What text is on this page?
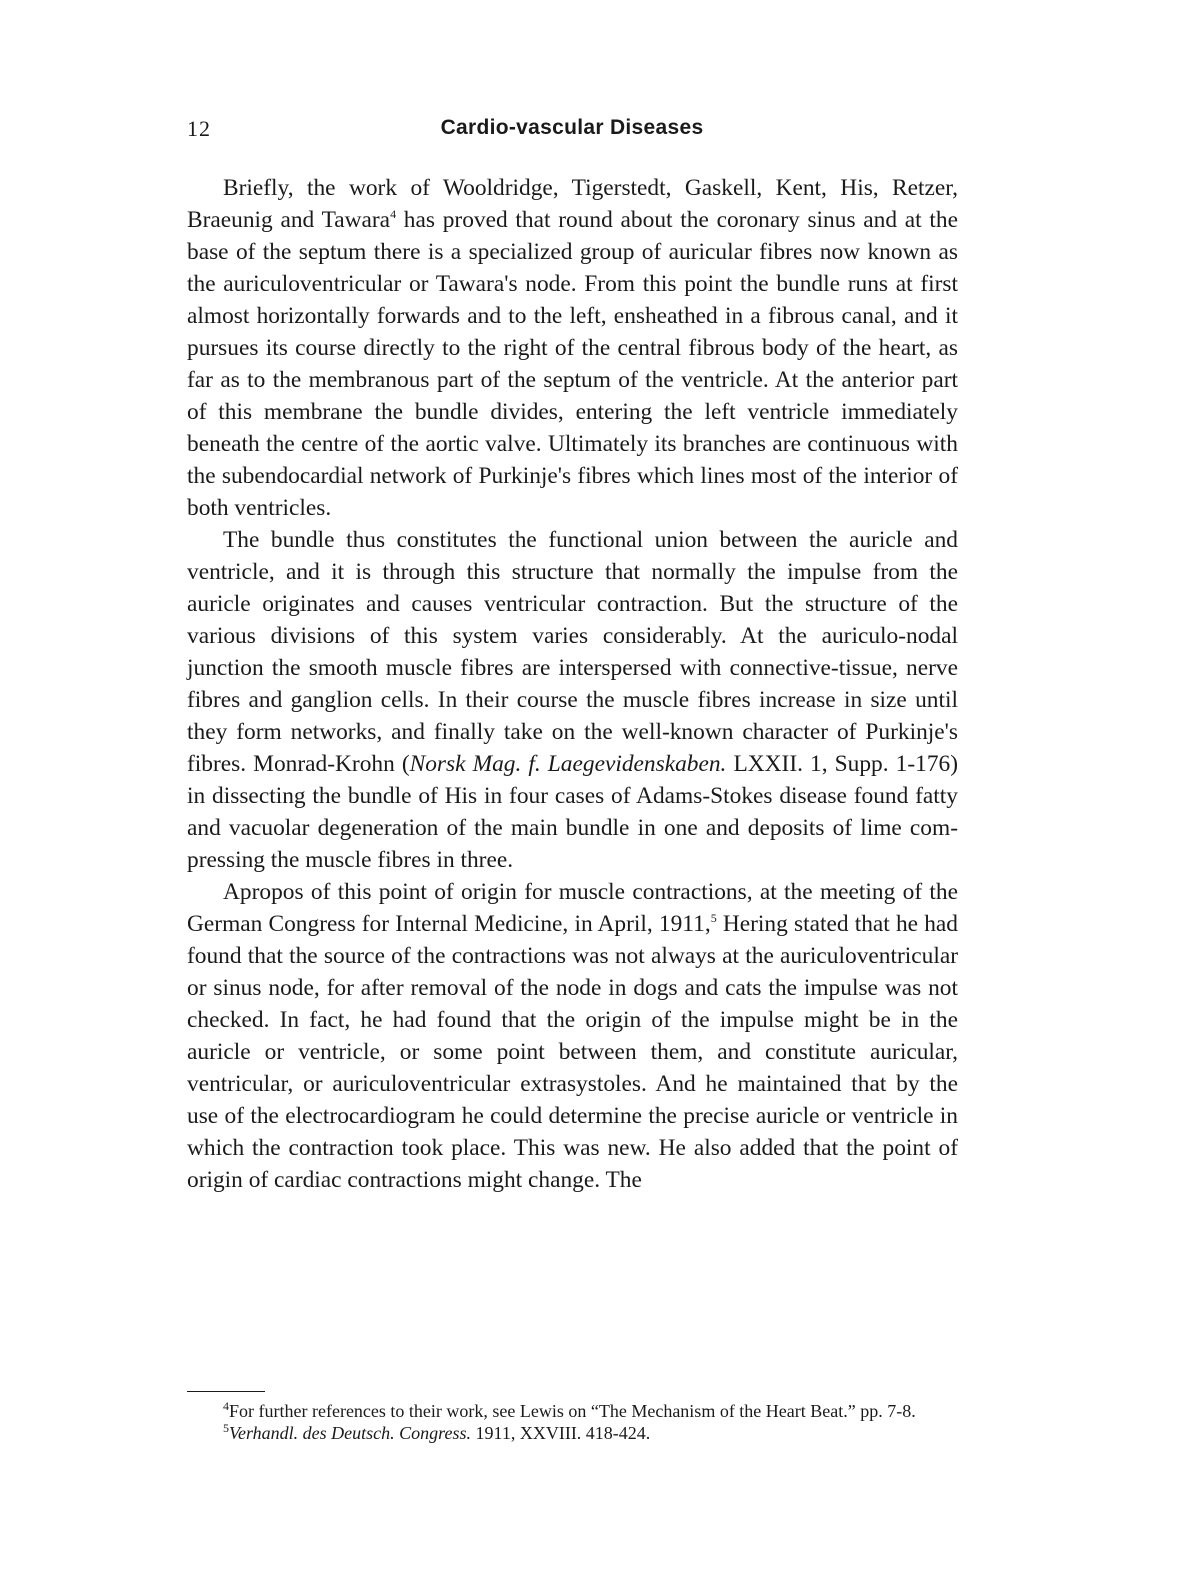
12	Cardio-vascular Diseases

Briefly, the work of Wooldridge, Tigerstedt, Gaskell, Kent, His, Retzer, Braeunig and Tawara$^4$ has proved that round about the coronary sinus and at the base of the septum there is a specialized group of auricular fibres now known as the auriculoventricular or Tawara's node. From this point the bundle runs at first almost horizontally forwards and to the left, ensheathed in a fibrous canal, and it pursues its course directly to the right of the central fibrous body of the heart, as far as to the membranous part of the septum of the ventricle. At the anterior part of this membrane the bundle divides, entering the left ventricle immediately beneath the centre of the aortic valve. Ultimately its branches are continuous with the subendocardial network of Purkinje's fibres which lines most of the interior of both ventricles.

The bundle thus constitutes the functional union between the auricle and ventricle, and it is through this structure that normally the impulse from the auricle originates and causes ventricular contraction. But the structure of the various divisions of this system varies considerably. At the auriculo-nodal junction the smooth muscle fibres are interspersed with connective-tissue, nerve fibres and ganglion cells. In their course the muscle fibres increase in size until they form networks, and finally take on the well-known character of Purkinje's fibres. Monrad-Krohn (Norsk Mag. f. Laegevidenskaben. LXXII. 1, Supp. 1-176) in dissecting the bundle of His in four cases of Adams-Stokes disease found fatty and vacuolar degeneration of the main bundle in one and deposits of lime compressing the muscle fibres in three.

Apropos of this point of origin for muscle contractions, at the meeting of the German Congress for Internal Medicine, in April, 1911,$^5$ Hering stated that he had found that the source of the contractions was not always at the auriculoventricular or sinus node, for after removal of the node in dogs and cats the impulse was not checked. In fact, he had found that the origin of the impulse might be in the auricle or ventricle, or some point between them, and constitute auricular, ventricular, or auriculoventricular extrasystoles. And he maintained that by the use of the electrocardiogram he could determine the precise auricle or ventricle in which the contraction took place. This was new. He also added that the point of origin of cardiac contractions might change. The

$^4$For further references to their work, see Lewis on “The Mechanism of the Heart Beat.” pp. 7-8.

$^5$Verhandl. des Deutsch. Congress. 1911, XXVIII. 418-424.
